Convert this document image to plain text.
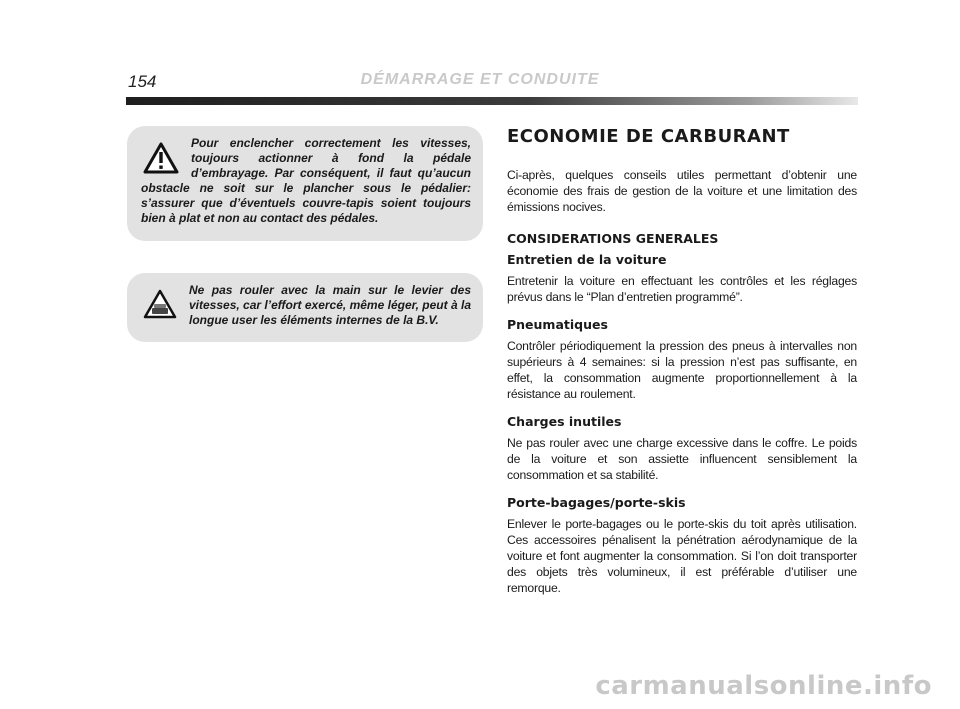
154	DÉMARRAGE ET CONDUITE

Pour enclencher correctement les vitesses, toujours actionner à fond la pédale d’embrayage. Par conséquent, il faut qu’aucun obstacle ne soit sur le plancher sous le pédalier: s’assurer que d’éventuels couvre-tapis soient toujours bien à plat et non au contact des pédales.

Ne pas rouler avec la main sur le levier des vitesses, car l’effort exercé, même léger, peut à la longue user les éléments internes de la B.V.

ECONOMIE DE CARBURANT

Ci-après, quelques conseils utiles permettant d’obtenir une économie des frais de gestion de la voiture et une limitation des émissions nocives.

CONSIDERATIONS GENERALES
Entretien de la voiture

Entretenir la voiture en effectuant les contrôles et les réglages prévus dans le “Plan d’entretien programmé”.

Pneumatiques

Contrôler périodiquement la pression des pneus à intervalles non supérieurs à 4 semaines: si la pression n’est pas suffisante, en effet, la consommation augmente proportionnellement à la résistance au roulement.

Charges inutiles

Ne pas rouler avec une charge excessive dans le coffre. Le poids de la voiture et son assiette influencent sensiblement la consommation et sa stabilité.

Porte-bagages/porte-skis

Enlever le porte-bagages ou le porte-skis du toit après utilisation. Ces accessoires pénalisent la pénétration aérodynamique de la voiture et font augmenter la consommation. Si l’on doit transporter des objets très volumineux, il est préférable d’utiliser une remorque.

carmanualsonline.info
